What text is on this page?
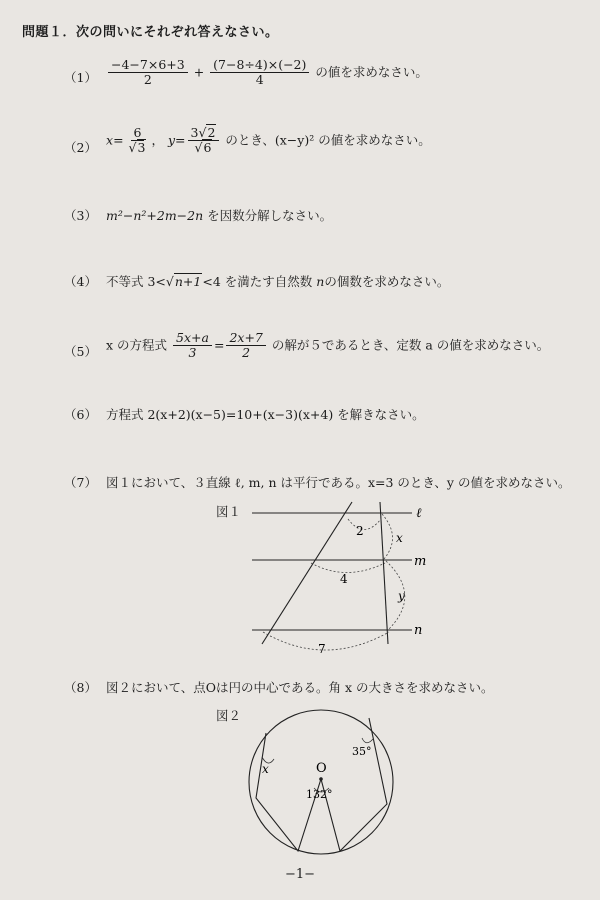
問題１．次の問いにそれぞれ答えなさい。
$(1) \frac{-4-7\times 6+3}{2} + \frac{(7-8\div 4)\times(-2)}{4}$ の値を求めなさい。
（2）
$x= \frac{6}{√3}$ ， $y= \frac{3√2}{√6}$ のとき、(x−y)² の値を求めなさい。
（3） m²−n²+2m−2n を因数分解しなさい。
（4） 不等式 3<√n+1<4 を満たす自然数 nの個数を求めなさい。
（5） x の方程式 $\frac{5x+a}{3} = \frac{2x+7}{2}$ の解が５であるとき、定数 a の値を求めなさい。
（6） 方程式 2(x+2)(x−5)=10+(x−3)(x+4) を解きなさい。
（7） 図１において、３直線 ℓ, m, n は平行である。x=3 のとき、y の値を求めなさい。
図１	ℓ
m
n
2	x
4
y
7
（8） 図２において、点Oは円の中心である。角 x の大きさを求めなさい。
図２
x	O
35°
132°
−1−
